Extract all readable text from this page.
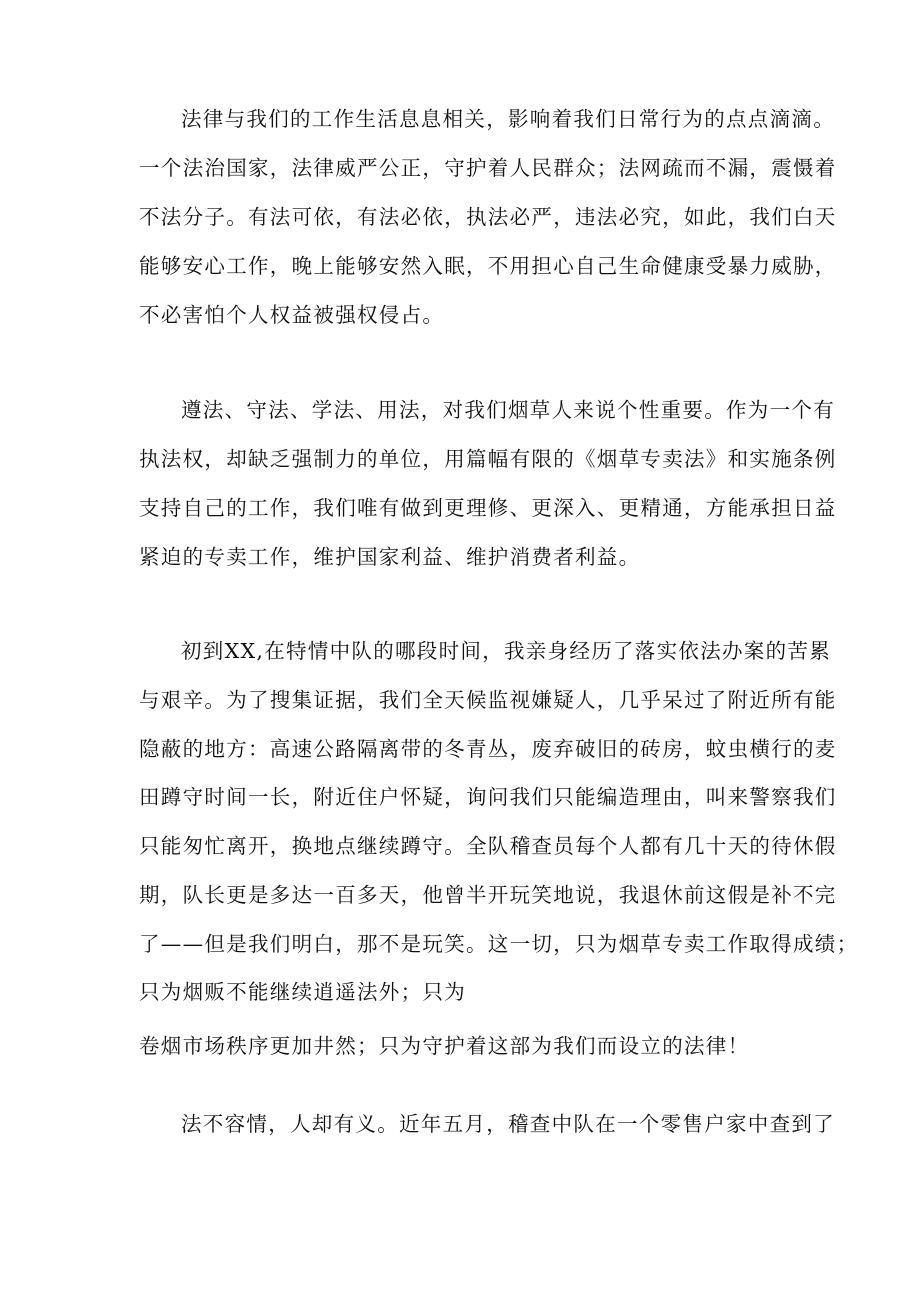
法律与我们的工作生活息息相关，影响着我们日常行为的点点滴滴。
一个法治国家，法律威严公正，守护着人民群众；法网疏而不漏，震慑着
不法分子。有法可依，有法必依，执法必严，违法必究，如此，我们白天
能够安心工作，晚上能够安然入眠，不用担心自己生命健康受暴力威胁，
不必害怕个人权益被强权侵占。
遵法、守法、学法、用法，对我们烟草人来说个性重要。作为一个有
执法权，却缺乏强制力的单位，用篇幅有限的《烟草专卖法》和实施条例
支持自己的工作，我们唯有做到更理修、更深入、更精通，方能承担日益
紧迫的专卖工作，维护国家利益、维护消费者利益。
初到XX,在特情中队的哪段时间，我亲身经历了落实依法办案的苦累
与艰辛。为了搜集证据，我们全天候监视嫌疑人，几乎呆过了附近所有能
隐蔽的地方：高速公路隔离带的冬青丛，废弃破旧的砖房，蚊虫横行的麦
田蹲守时间一长，附近住户怀疑，询问我们只能编造理由，叫来警察我们
只能匆忙离开，换地点继续蹲守。全队稽查员每个人都有几十天的待休假
期，队长更是多达一百多天，他曾半开玩笑地说，我退休前这假是补不完
了——但是我们明白，那不是玩笑。这一切，只为烟草专卖工作取得成绩；
只为烟贩不能继续逍遥法外；只为
卷烟市场秩序更加井然；只为守护着这部为我们而设立的法律！
法不容情，人却有义。近年五月，稽查中队在一个零售户家中查到了
